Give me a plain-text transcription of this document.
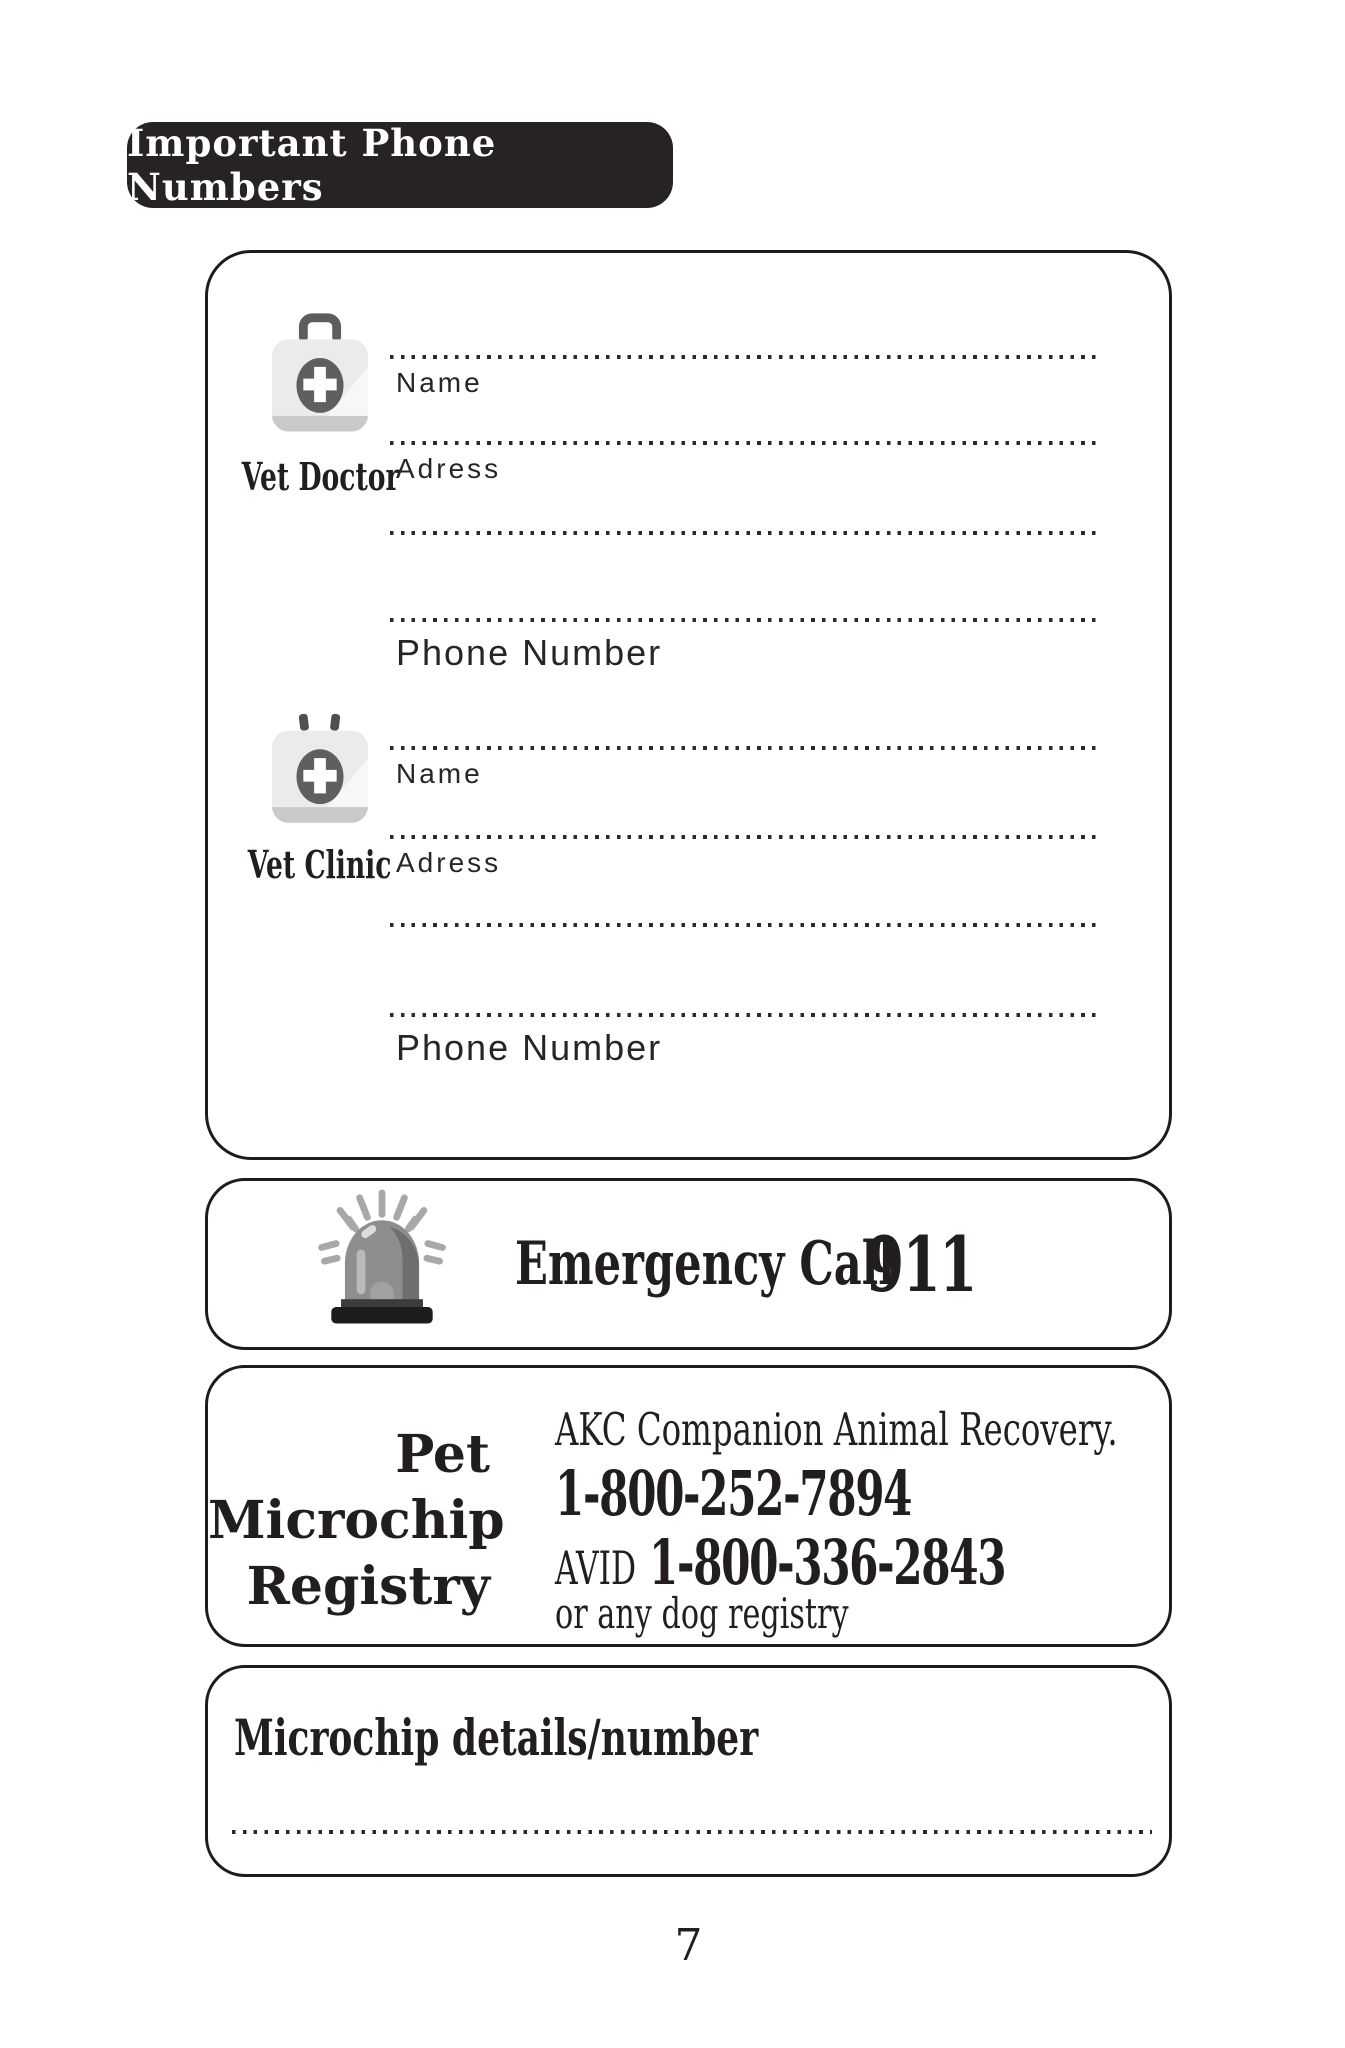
Important Phone Numbers
Vet Doctor
Name
Adress
Phone Number
Vet Clinic
Name
Adress
Phone Number
Emergency Call
911
Pet
Microchip
Registry
AKC Companion Animal Recovery.
1-800-252-7894
AVID 1-800-336-2843
or any dog registry
Microchip details/number
7
